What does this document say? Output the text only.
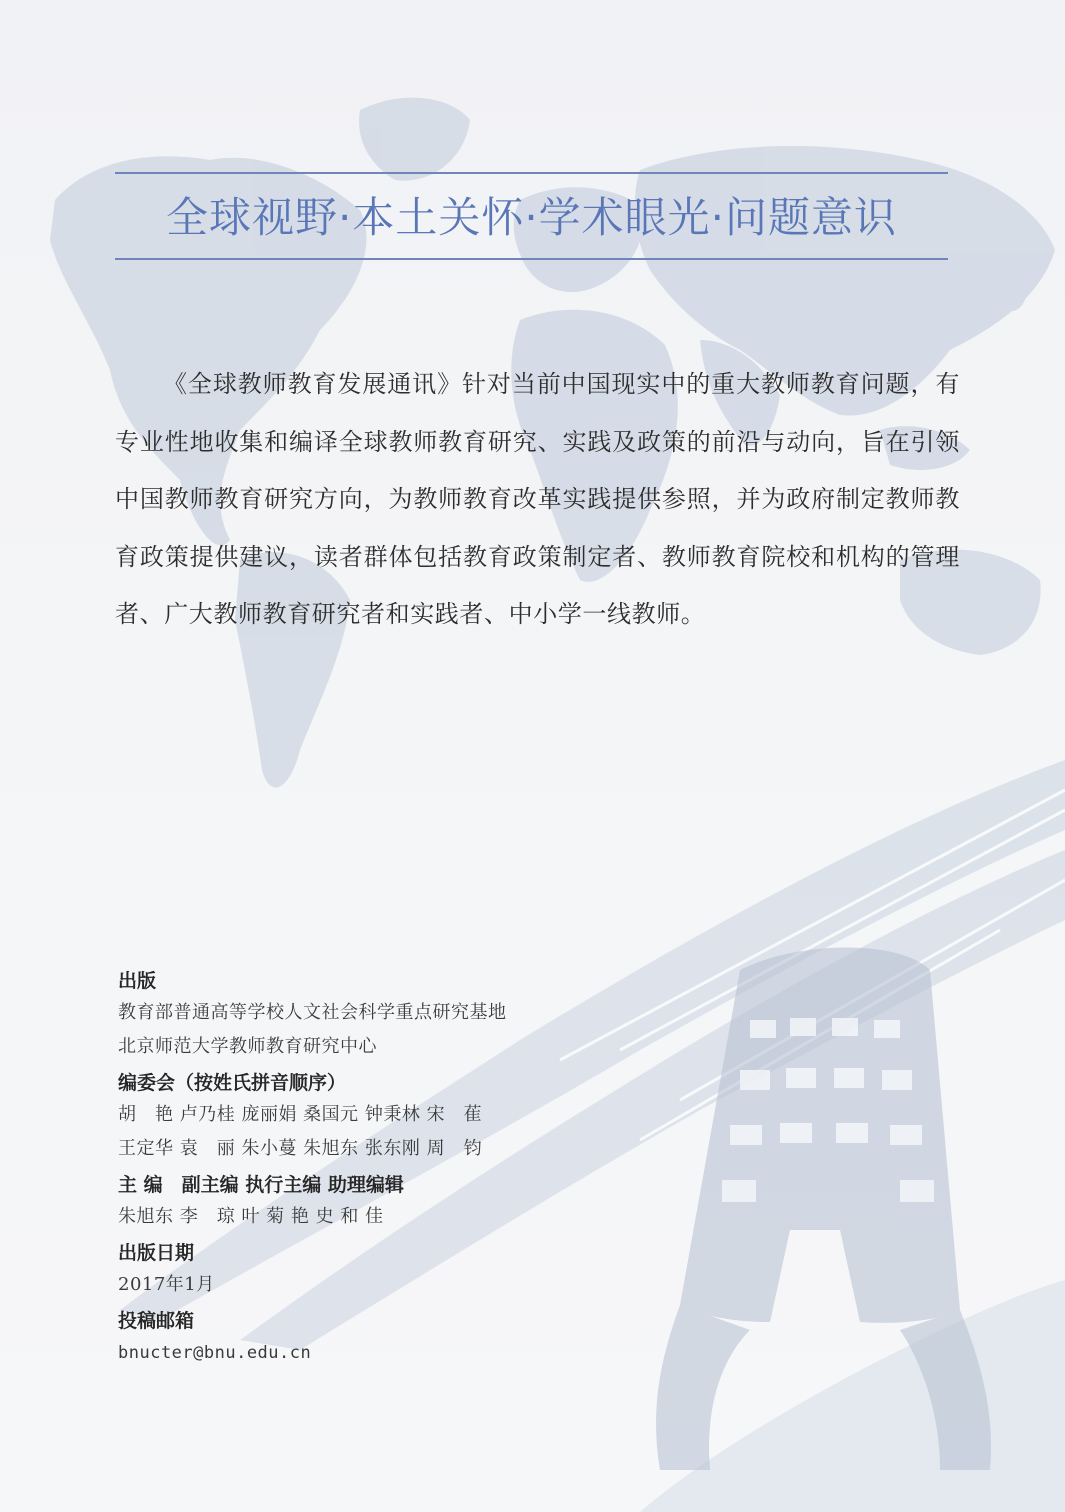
全球视野·本土关怀·学术眼光·问题意识

《全球教师教育发展通讯》针对当前中国现实中的重大教师教育问题，有专业性地收集和编译全球教师教育研究、实践及政策的前沿与动向，旨在引领中国教师教育研究方向，为教师教育改革实践提供参照，并为政府制定教师教育政策提供建议，读者群体包括教育政策制定者、教师教育院校和机构的管理者、广大教师教育研究者和实践者、中小学一线教师。

出版
教育部普通高等学校人文社会科学重点研究基地
北京师范大学教师教育研究中心
编委会（按姓氏拼音顺序）
胡　艳 卢乃桂 庞丽娟 桑国元 钟秉林 宋　萑
王定华 袁　丽 朱小蔓 朱旭东 张东刚 周　钧
主 编　副主编 执行主编 助理编辑
朱旭东 李　琼 叶 菊 艳 史 和 佳
出版日期
2017年1月
投稿邮箱
bnucter@bnu.edu.cn
